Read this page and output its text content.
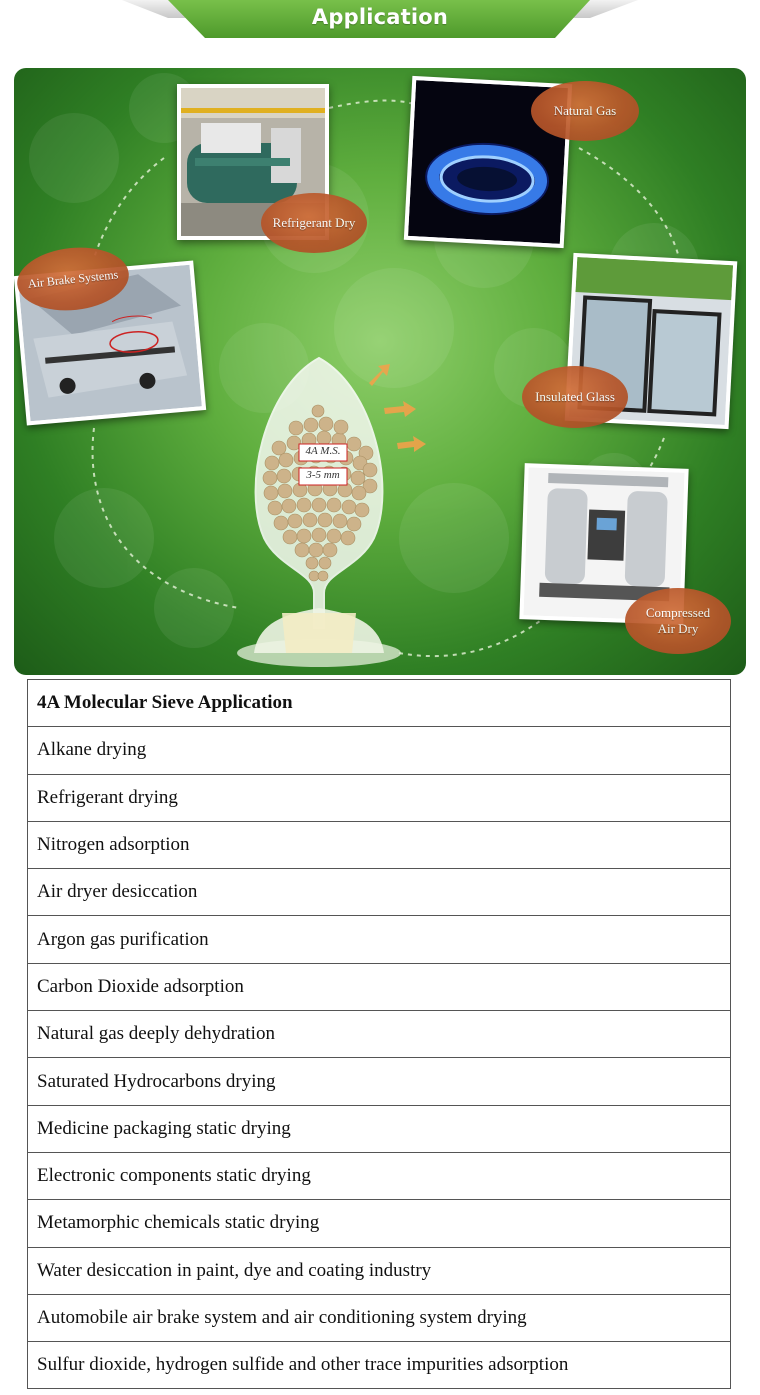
Application
4A M.S.
3-5 mm
Refrigerant Dry
Natural Gas
Air Brake Systems
Insulated Glass
Compressed
Air Dry
4A Molecular Sieve Application
Alkane drying
Refrigerant drying
Nitrogen adsorption
Air dryer desiccation
Argon gas purification
Carbon Dioxide adsorption
Natural gas deeply dehydration
Saturated Hydrocarbons drying
Medicine packaging static drying
Electronic components static drying
Metamorphic chemicals static drying
Water desiccation in paint, dye and coating industry
Automobile air brake system and air conditioning system drying
Sulfur dioxide, hydrogen sulfide and other trace impurities adsorption
